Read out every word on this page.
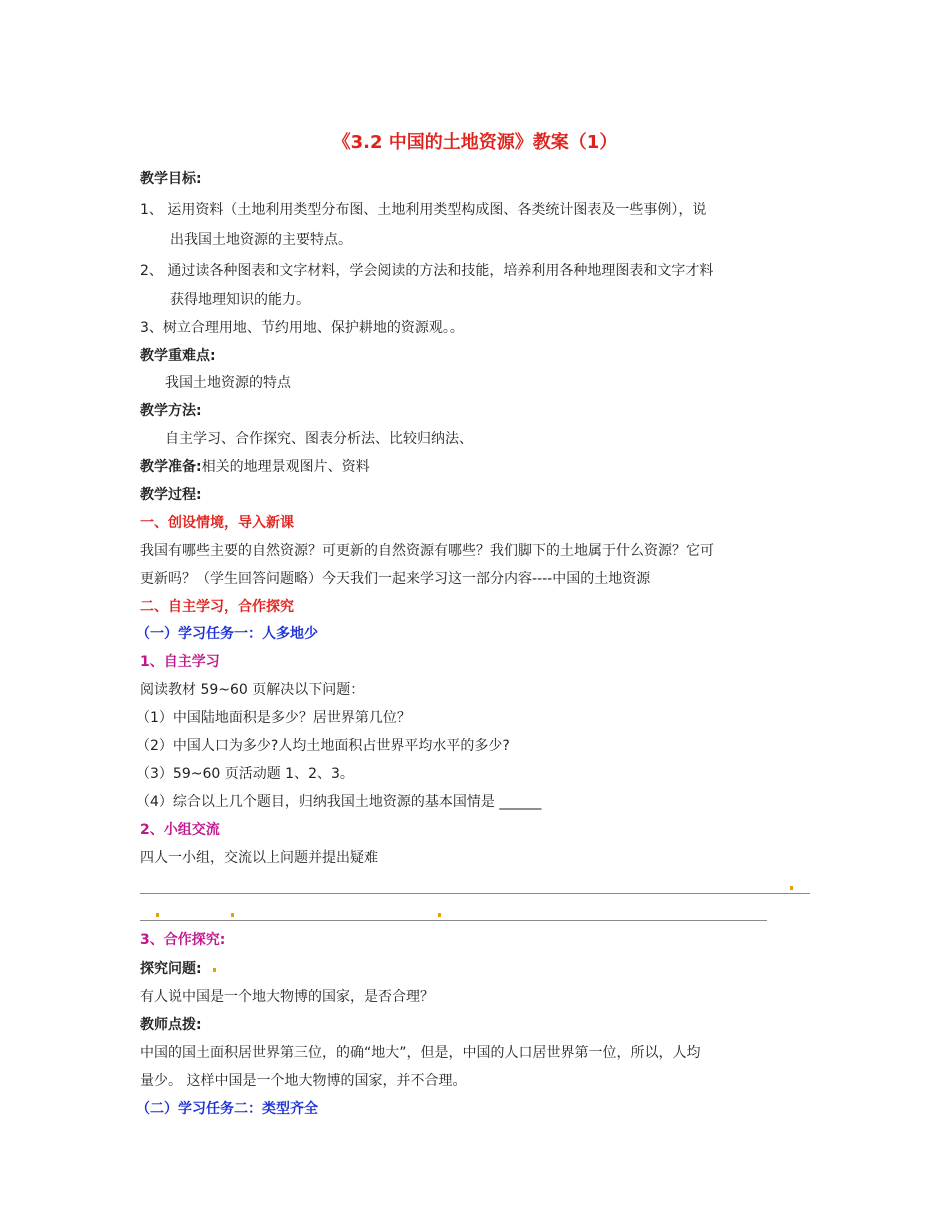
《3.2 中国的土地资源》教案（1）
教学目标:
1、 运用资料（土地利用类型分布图、土地利用类型构成图、各类统计图表及一些事例），说
出我国土地资源的主要特点。
2、 通过读各种图表和文字材料，学会阅读的方法和技能，培养利用各种地理图表和文字才料
获得地理知识的能力。
3、树立合理用地、节约用地、保护耕地的资源观。。
教学重难点:
我国土地资源的特点
教学方法:
自主学习、合作探究、图表分析法、比较归纳法、
教学准备:相关的地理景观图片、资料
教学过程:
一、创设情境，导入新课
我国有哪些主要的自然资源？可更新的自然资源有哪些？我们脚下的土地属于什么资源？它可
更新吗？（学生回答问题略）今天我们一起来学习这一部分内容----中国的土地资源
二、自主学习，合作探究
（一）学习任务一：人多地少
1、自主学习
阅读教材 59~60 页解决以下问题：
（1）中国陆地面积是多少？居世界第几位？
（2）中国人口为多少?人均土地面积占世界平均水平的多少?
（3）59~60 页活动题 1、2、3。
（4）综合以上几个题目，归纳我国土地资源的基本国情是 ______
2、小组交流
四人一小组，交流以上问题并提出疑难
3、合作探究:
探究问题:
有人说中国是一个地大物博的国家，是否合理？
教师点拨:
中国的国土面积居世界第三位，的确“地大”，但是，中国的人口居世界第一位，所以，人均
量少。 这样中国是一个地大物博的国家，并不合理。
（二）学习任务二：类型齐全
